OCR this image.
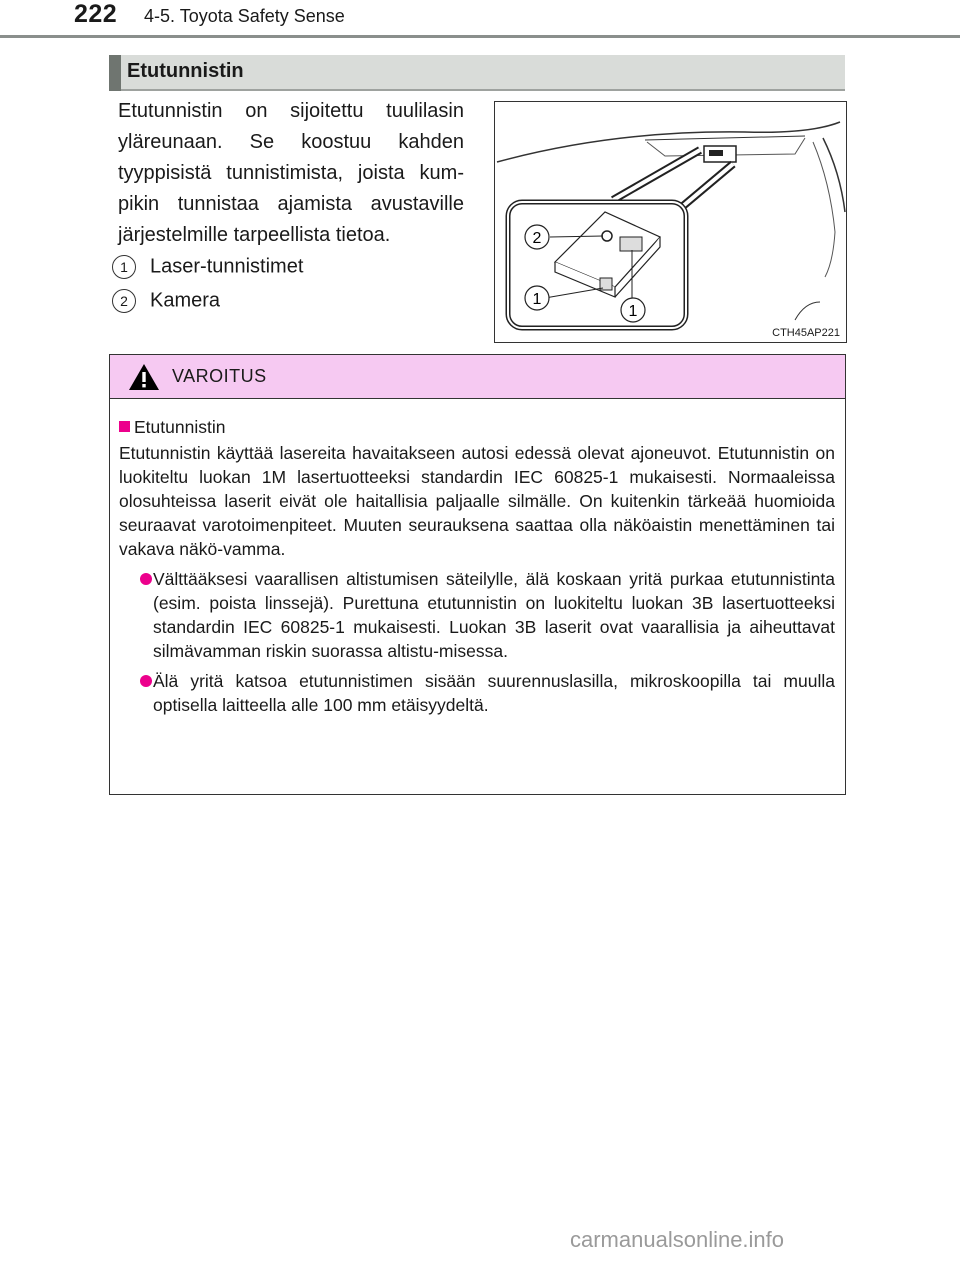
222 4-5. Toyota Safety Sense
Etutunnistin
Etutunnistin on sijoitettu tuulilasin yläreunaan. Se koostuu kahden tyyppisistä tunnistimista, joista kum-pikin tunnistaa ajamista avustaville järjestelmille tarpeellista tietoa.
1 Laser-tunnistimet
2 Kamera
2
1
1
CTH45AP221
VAROITUS
Etutunnistin
Etutunnistin käyttää lasereita havaitakseen autosi edessä olevat ajoneuvot. Etutunnistin on luokiteltu luokan 1M lasertuotteeksi standardin IEC 60825-1 mukaisesti. Normaaleissa olosuhteissa laserit eivät ole haitallisia paljaalle silmälle. On kuitenkin tärkeää huomioida seuraavat varotoimenpiteet. Muuten seurauksena saattaa olla näköaistin menettäminen tai vakava näkö-vamma.
Välttääksesi vaarallisen altistumisen säteilylle, älä koskaan yritä purkaa etutunnistinta (esim. poista linssejä). Purettuna etutunnistin on luokiteltu luokan 3B lasertuotteeksi standardin IEC 60825-1 mukaisesti. Luokan 3B laserit ovat vaarallisia ja aiheuttavat silmävamman riskin suorassa altistu-misessa.
Älä yritä katsoa etutunnistimen sisään suurennuslasilla, mikroskoopilla tai muulla optisella laitteella alle 100 mm etäisyydeltä.
carmanualsonline.info
